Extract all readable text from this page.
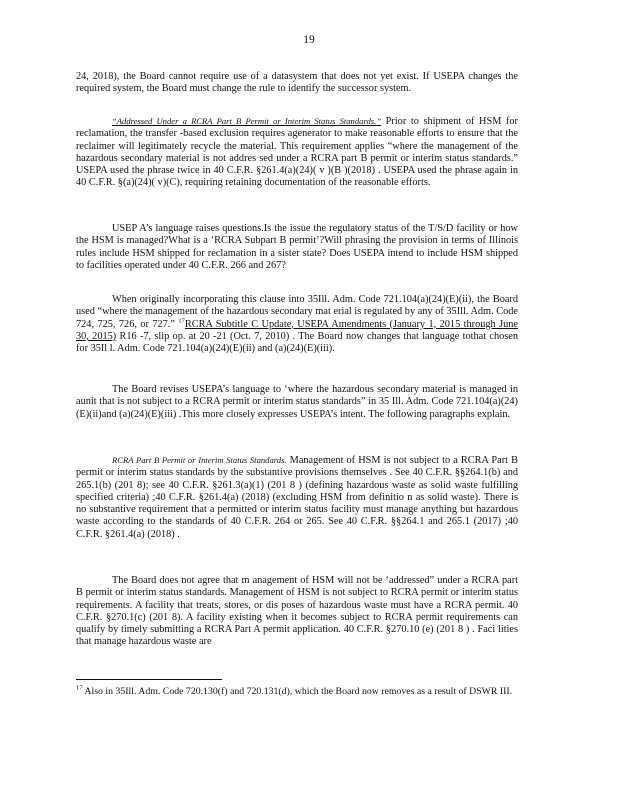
19

24, 2018), the Board cannot require use of a datasystem that does not yet exist. If USEPA changes the required system, the Board must change the rule to identify the successor system.

“Addressed Under a RCRA Part B Permit or Interim Status Standards.” Prior to shipment of HSM for reclamation, the transfer -based exclusion requires agenerator to make reasonable efforts to ensure that the reclaimer will legitimately recycle the material. This requirement applies “where the management of the hazardous secondary material is not addres sed under a RCRA part B permit or interim status standards.” USEPA used the phrase twice in 40 C.F.R. §261.4(a)(24)( v )(B )(2018) . USEPA used the phrase again in 40 C.F.R. §(a)(24)( v)(C), requiring retaining documentation of the reasonable efforts.

USEP A’s language raises questions.Is the issue the regulatory status of the T/S/D facility or how the HSM is managed?What is a ‘RCRA Subpart B permit’?Will phrasing the provision in terms of Illinois rules include HSM shipped for reclamation in a sister state? Does USEPA intend to include HSM shipped to facilities operated under 40 C.F.R. 266 and 267?

When originally incorporating this clause into 35Ill. Adm. Code 721.104(a)(24)(E)(ii), the Board used “where the management of the hazardous secondary mat erial is regulated by any of 35Ill. Adm. Code 724, 725, 726, or 727.” $^{17}$RCRA Subtitle C Update, USEPA Amendments (January 1, 2015 through June 30, 2015) R16 -7, slip op. at 20 -21 (Oct. 7, 2010) . The Board now changes that language tothat chosen for 35Il l. Adm. Code 721.104(a)(24)(E)(ii) and (a)(24)(E)(iii).

The Board revises USEPA’s language to ‘where the hazardous secondary material is managed in aunit that is not subject to a RCRA permit or interim status standards” in 35 Ill. Adm. Code 721.104(a)(24) (E)(ii)and (a)(24)(E)(iii) .This more closely expresses USEPA’s intent. The following paragraphs explain.

RCRA Part B Permit or Interim Status Standards. Management of HSM is not subject to a RCRA Part B permit or interim status standards by the substantive provisions themselves . See 40 C.F.R. §§264.1(b) and 265.1(b) (201 8); see 40 C.F.R. §261.3(a)(1) (201 8 ) (defining hazardous waste as solid waste fulfilling specified criteria) ;40 C.F.R. §261.4(a) (2018) (excluding HSM from definitio n as solid waste). There is no substantive requirement that a permitted or interim status facility must manage anything but hazardous waste according to the standards of 40 C.F.R. 264 or 265. See 40 C.F.R. §§264.1 and 265.1 (2017) ;40 C.F.R. §261.4(a) (2018) .

The Board does not agree that m anagement of HSM will not be ‘addressed” under a RCRA part B permit or interim status standards. Management of HSM is not subject to RCRA permit or interim status requirements. A facility that treats, stores, or dis poses of hazardous waste must have a RCRA permit. 40 C.F.R. §270.1(c) (201 8). A facility existing when it becomes subject to RCRA permit requirements can qualify by timely submitting a RCRA Part A permit application. 40 C.F.R. §270.10 (e) (201 8 ) . Faci lities that manage hazardous waste are

$^{17}$ Also in 35Ill. Adm. Code 720.130(f) and 720.131(d), which the Board now removes as a result of DSWR III.
